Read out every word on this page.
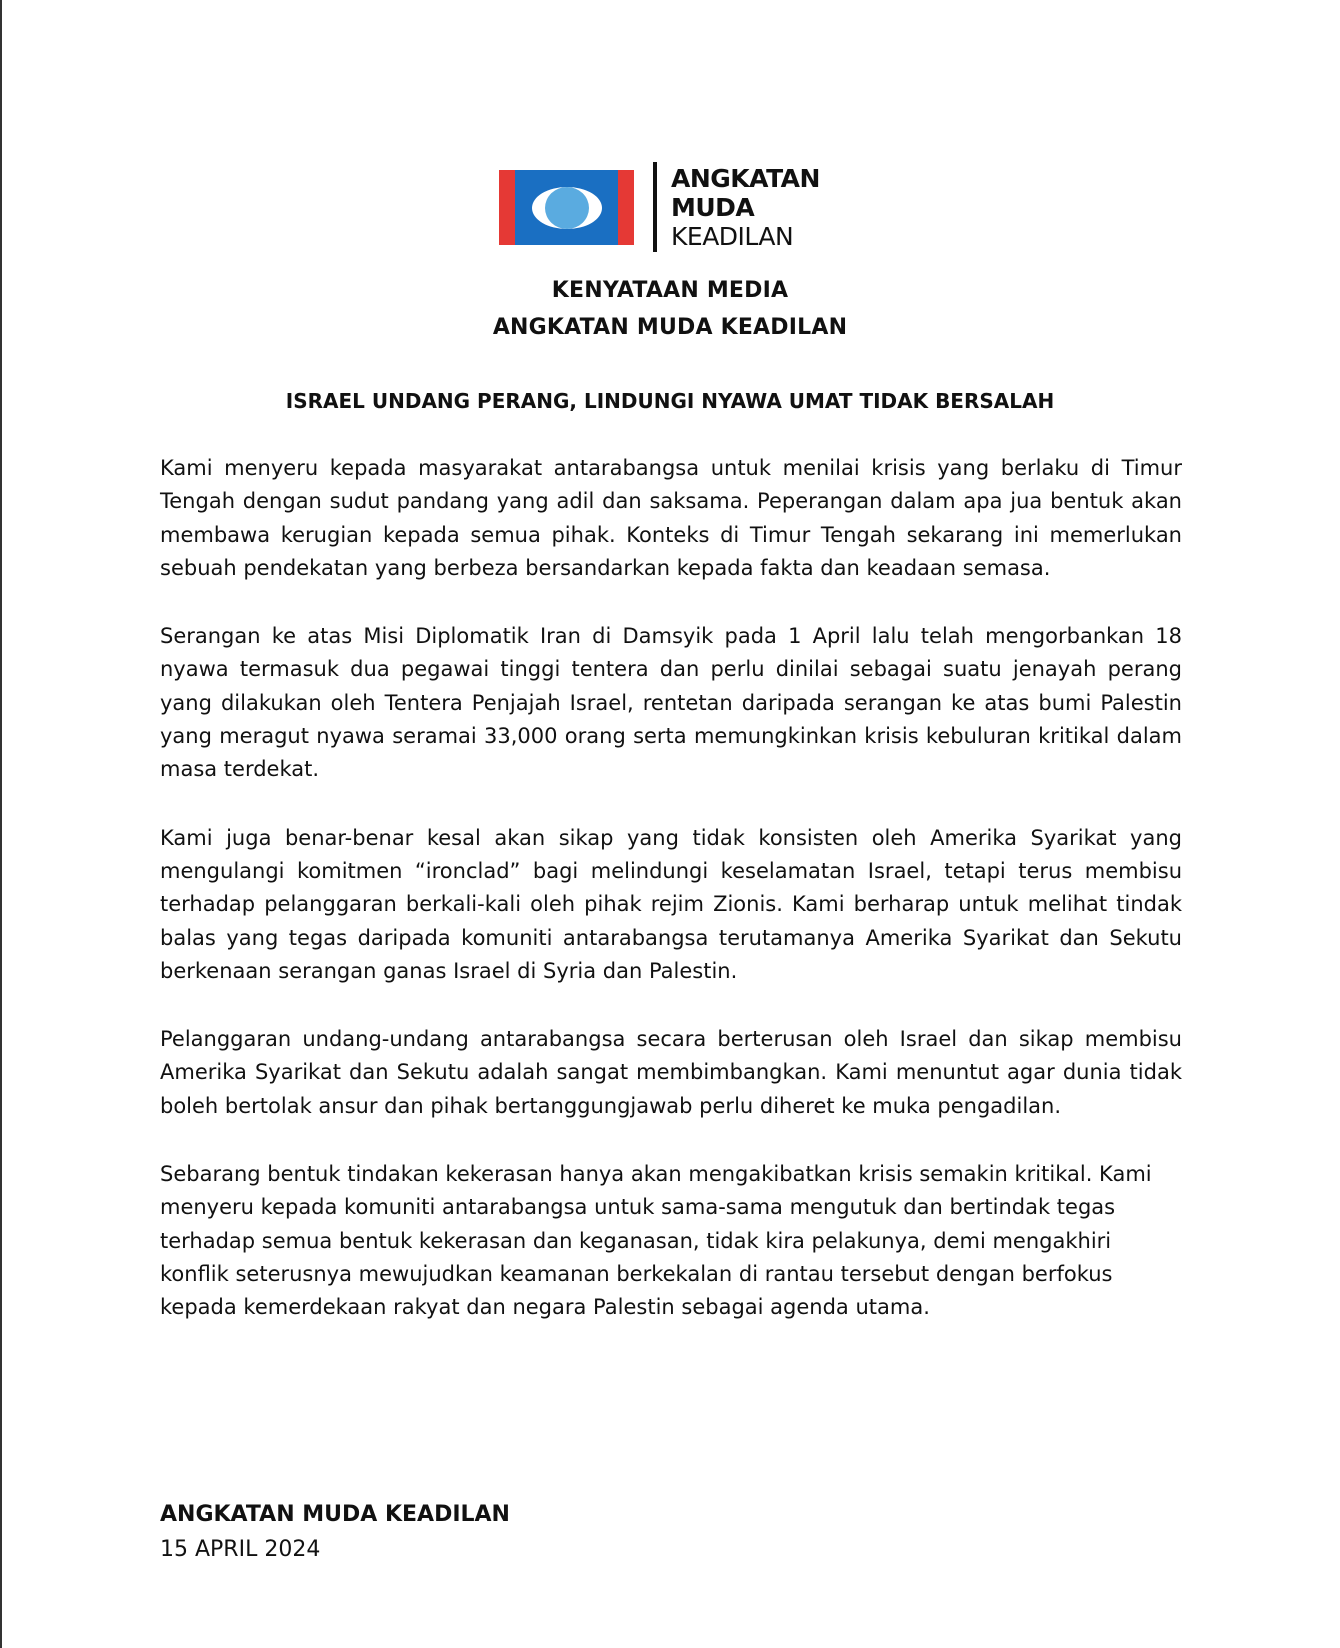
ANGKATAN
MUDA
KEADILAN
KENYATAAN MEDIA
ANGKATAN MUDA KEADILAN
ISRAEL UNDANG PERANG, LINDUNGI NYAWA UMAT TIDAK BERSALAH

Kami menyeru kepada masyarakat antarabangsa untuk menilai krisis yang berlaku di Timur Tengah dengan sudut pandang yang adil dan saksama. Peperangan dalam apa jua bentuk akan membawa kerugian kepada semua pihak. Konteks di Timur Tengah sekarang ini memerlukan sebuah pendekatan yang berbeza bersandarkan kepada fakta dan keadaan semasa.

Serangan ke atas Misi Diplomatik Iran di Damsyik pada 1 April lalu telah mengorbankan 18 nyawa termasuk dua pegawai tinggi tentera dan perlu dinilai sebagai suatu jenayah perang yang dilakukan oleh Tentera Penjajah Israel, rentetan daripada serangan ke atas bumi Palestin yang meragut nyawa seramai 33,000 orang serta memungkinkan krisis kebuluran kritikal dalam masa terdekat.

Kami juga benar-benar kesal akan sikap yang tidak konsisten oleh Amerika Syarikat yang mengulangi komitmen “ironclad” bagi melindungi keselamatan Israel, tetapi terus membisu terhadap pelanggaran berkali-kali oleh pihak rejim Zionis. Kami berharap untuk melihat tindak balas yang tegas daripada komuniti antarabangsa terutamanya Amerika Syarikat dan Sekutu berkenaan serangan ganas Israel di Syria dan Palestin.

Pelanggaran undang-undang antarabangsa secara berterusan oleh Israel dan sikap membisu Amerika Syarikat dan Sekutu adalah sangat membimbangkan. Kami menuntut agar dunia tidak boleh bertolak ansur dan pihak bertanggungjawab perlu diheret ke muka pengadilan.

Sebarang bentuk tindakan kekerasan hanya akan mengakibatkan krisis semakin kritikal. Kami menyeru kepada komuniti antarabangsa untuk sama-sama mengutuk dan bertindak tegas terhadap semua bentuk kekerasan dan keganasan, tidak kira pelakunya, demi mengakhiri konflik seterusnya mewujudkan keamanan berkekalan di rantau tersebut dengan berfokus kepada kemerdekaan rakyat dan negara Palestin sebagai agenda utama.

ANGKATAN MUDA KEADILAN
15 APRIL 2024
